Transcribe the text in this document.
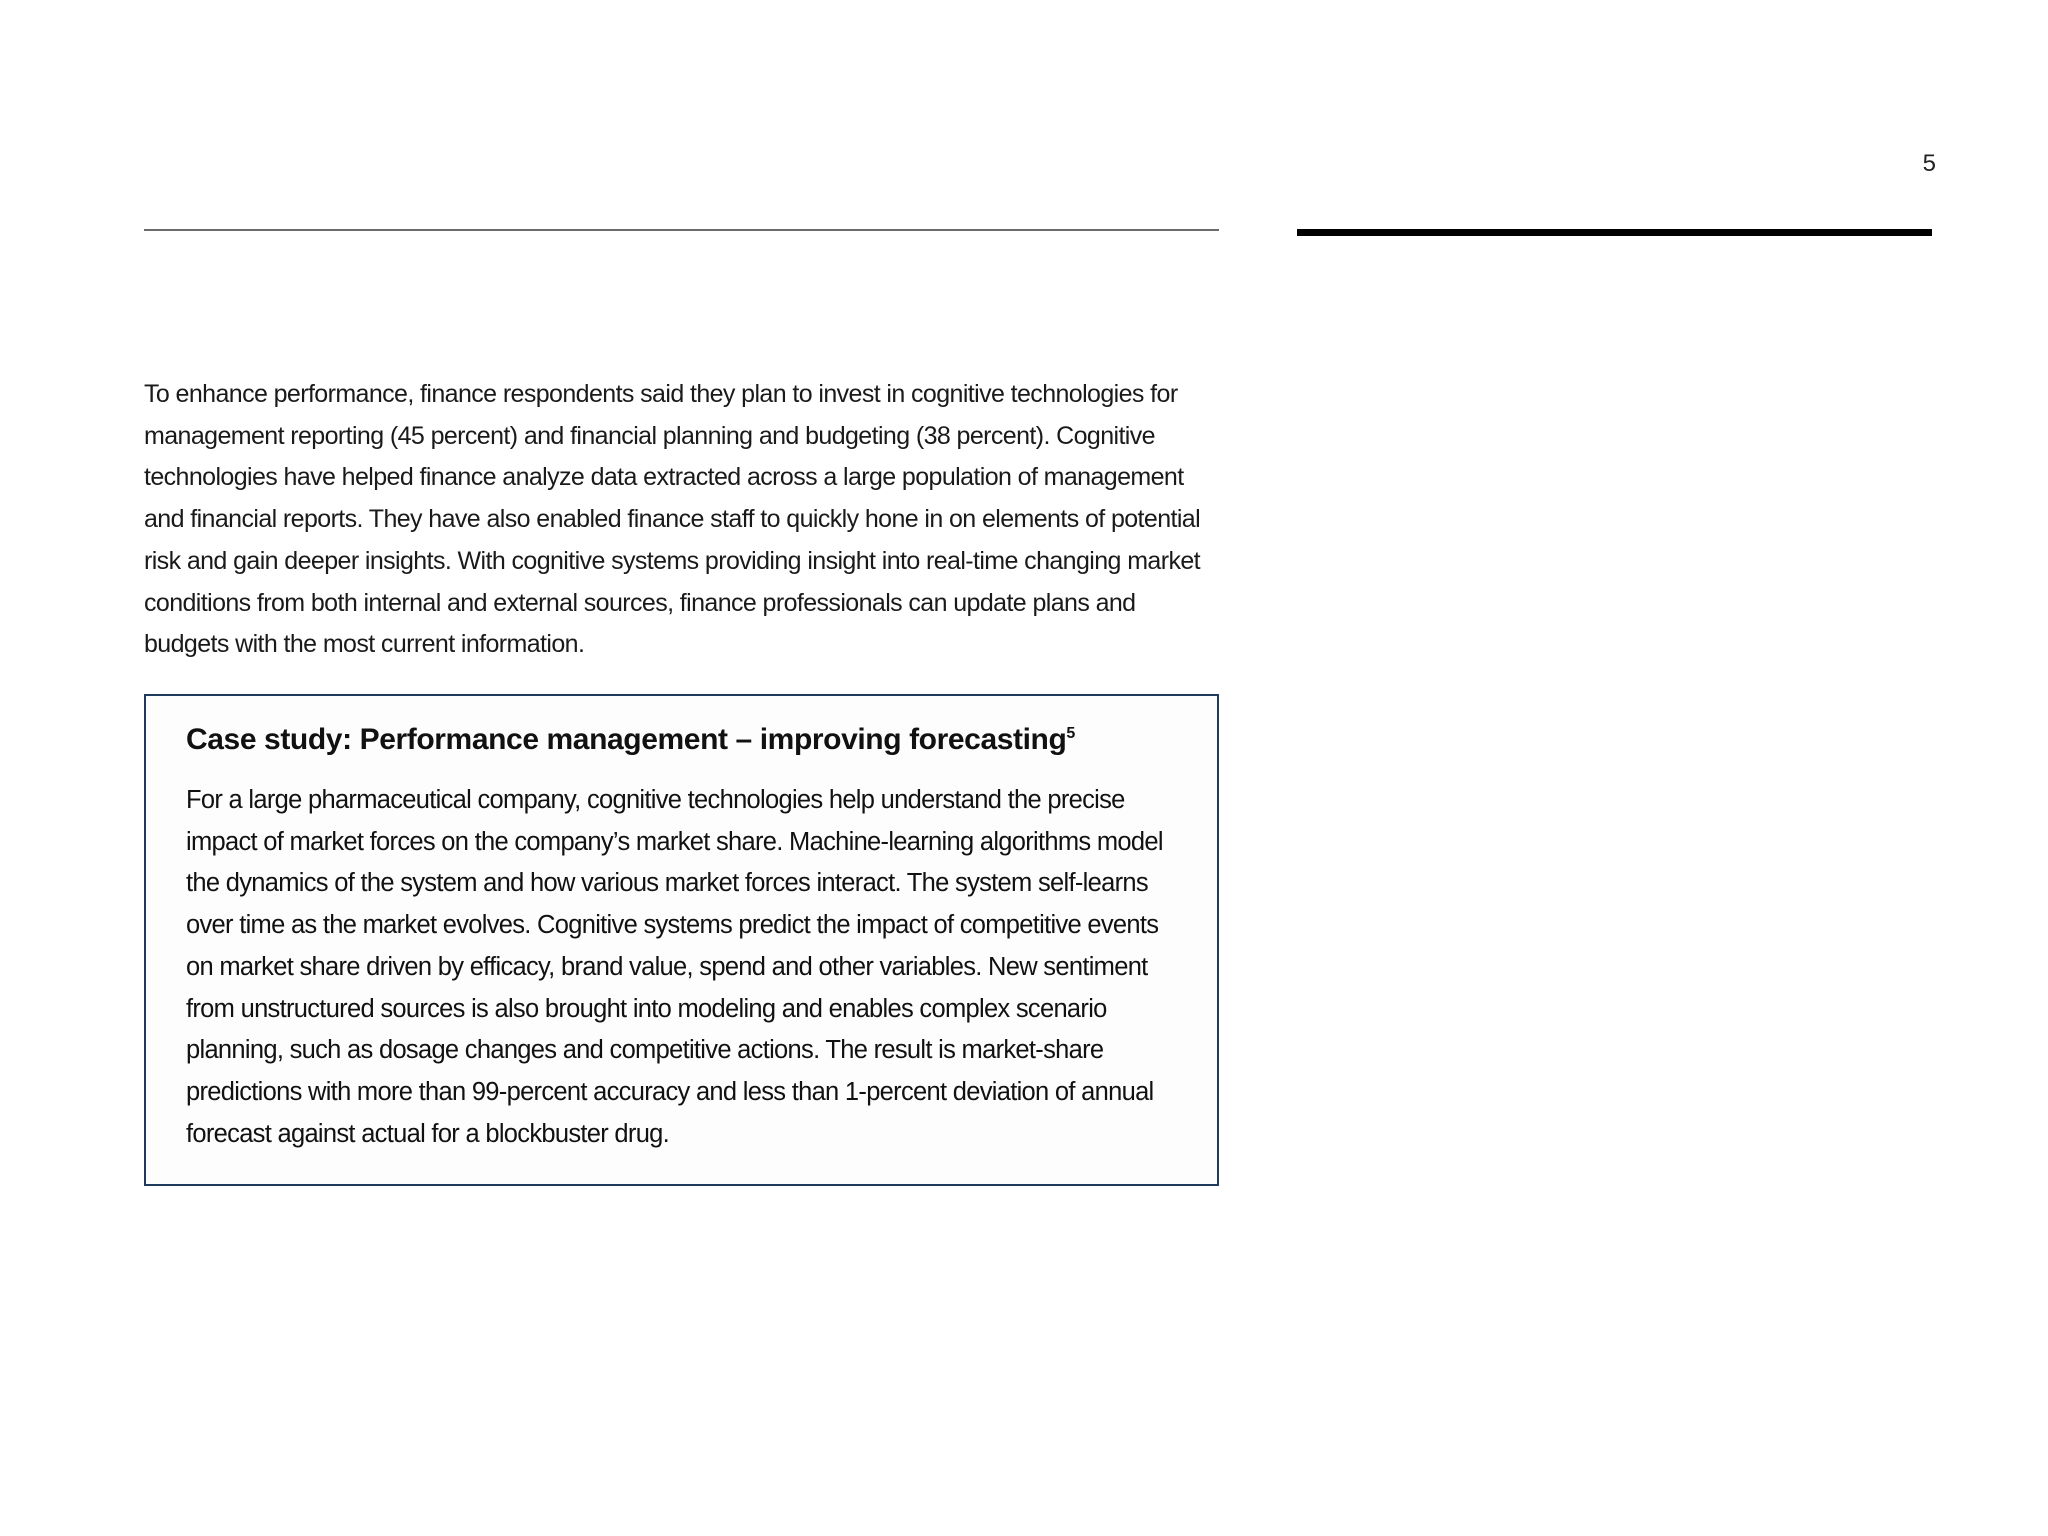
5

To enhance performance, finance respondents said they plan to invest in cognitive technologies for management reporting (45 percent) and financial planning and budgeting (38 percent). Cognitive technologies have helped finance analyze data extracted across a large population of management and financial reports. They have also enabled finance staff to quickly hone in on elements of potential risk and gain deeper insights. With cognitive systems providing insight into real-time changing market conditions from both internal and external sources, finance professionals can update plans and budgets with the most current information.

Case study: Performance management – improving forecasting$^5$

For a large pharmaceutical company, cognitive technologies help understand the precise impact of market forces on the company’s market share. Machine-learning algorithms model the dynamics of the system and how various market forces interact. The system self-learns over time as the market evolves. Cognitive systems predict the impact of competitive events on market share driven by efficacy, brand value, spend and other variables. New sentiment from unstructured sources is also brought into modeling and enables complex scenario planning, such as dosage changes and competitive actions. The result is market-share predictions with more than 99-percent accuracy and less than 1-percent deviation of annual forecast against actual for a blockbuster drug.
